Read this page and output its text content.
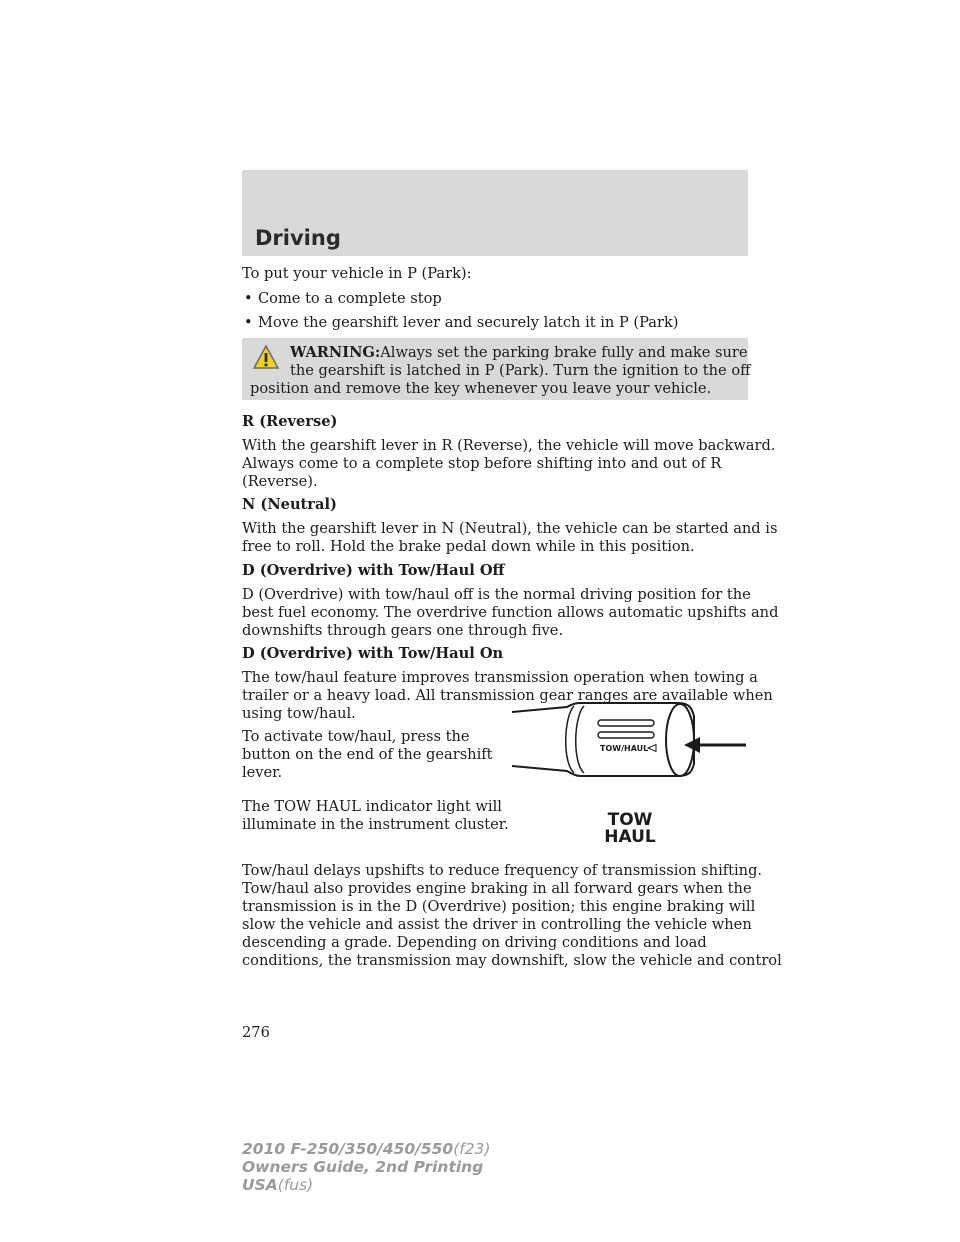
Driving

To put your vehicle in P (Park):

• Come to a complete stop
• Move the gearshift lever and securely latch it in P (Park)
WARNING:Always set the parking brake fully and make sure
the gearshift is latched in P (Park). Turn the ignition to the off
position and remove the key whenever you leave your vehicle.

R (Reverse)

With the gearshift lever in R (Reverse), the vehicle will move backward.
Always come to a complete stop before shifting into and out of R
(Reverse).

N (Neutral)

With the gearshift lever in N (Neutral), the vehicle can be started and is
free to roll. Hold the brake pedal down while in this position.

D (Overdrive) with Tow/Haul Off

D (Overdrive) with tow/haul off is the normal driving position for the
best fuel economy. The overdrive function allows automatic upshifts and
downshifts through gears one through five.

D (Overdrive) with Tow/Haul On

The tow/haul feature improves transmission operation when towing a
trailer or a heavy load. All transmission gear ranges are available when
using tow/haul.

To activate tow/haul, press the
button on the end of the gearshift
lever.

TOW/HAUL

The TOW HAUL indicator light will
illuminate in the instrument cluster.	TOW
HAUL

Tow/haul delays upshifts to reduce frequency of transmission shifting.
Tow/haul also provides engine braking in all forward gears when the
transmission is in the D (Overdrive) position; this engine braking will
slow the vehicle and assist the driver in controlling the vehicle when
descending a grade. Depending on driving conditions and load
conditions, the transmission may downshift, slow the vehicle and control

276
2010 F-250/350/450/550(f23)
Owners Guide, 2nd Printing
USA(fus)
